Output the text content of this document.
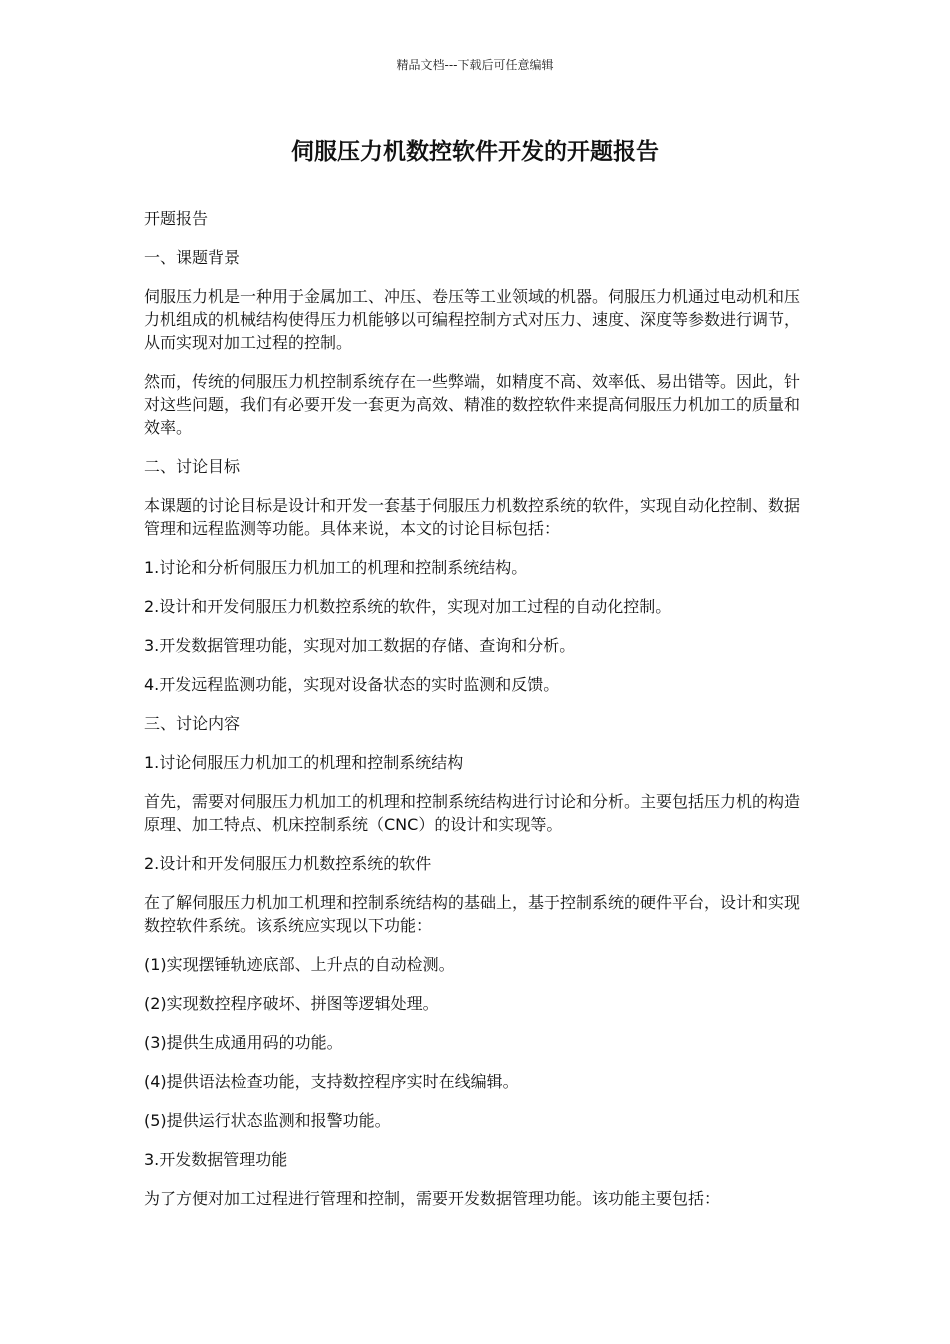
精品文档---下载后可任意编辑
伺服压力机数控软件开发的开题报告

开题报告

一、课题背景

伺服压力机是一种用于金属加工、冲压、卷压等工业领域的机器。伺服压力机通过电动机和压力机组成的机械结构使得压力机能够以可编程控制方式对压力、速度、深度等参数进行调节，从而实现对加工过程的控制。

然而，传统的伺服压力机控制系统存在一些弊端，如精度不高、效率低、易出错等。因此，针对这些问题，我们有必要开发一套更为高效、精准的数控软件来提高伺服压力机加工的质量和效率。

二、讨论目标

本课题的讨论目标是设计和开发一套基于伺服压力机数控系统的软件，实现自动化控制、数据管理和远程监测等功能。具体来说，本文的讨论目标包括：

1.讨论和分析伺服压力机加工的机理和控制系统结构。

2.设计和开发伺服压力机数控系统的软件，实现对加工过程的自动化控制。

3.开发数据管理功能，实现对加工数据的存储、查询和分析。

4.开发远程监测功能，实现对设备状态的实时监测和反馈。

三、讨论内容

1.讨论伺服压力机加工的机理和控制系统结构

首先，需要对伺服压力机加工的机理和控制系统结构进行讨论和分析。主要包括压力机的构造原理、加工特点、机床控制系统（CNC）的设计和实现等。

2.设计和开发伺服压力机数控系统的软件

在了解伺服压力机加工机理和控制系统结构的基础上，基于控制系统的硬件平台，设计和实现数控软件系统。该系统应实现以下功能：

(1)实现摆锤轨迹底部、上升点的自动检测。

(2)实现数控程序破坏、拼图等逻辑处理。

(3)提供生成通用码的功能。

(4)提供语法检查功能，支持数控程序实时在线编辑。

(5)提供运行状态监测和报警功能。

3.开发数据管理功能

为了方便对加工过程进行管理和控制，需要开发数据管理功能。该功能主要包括：
